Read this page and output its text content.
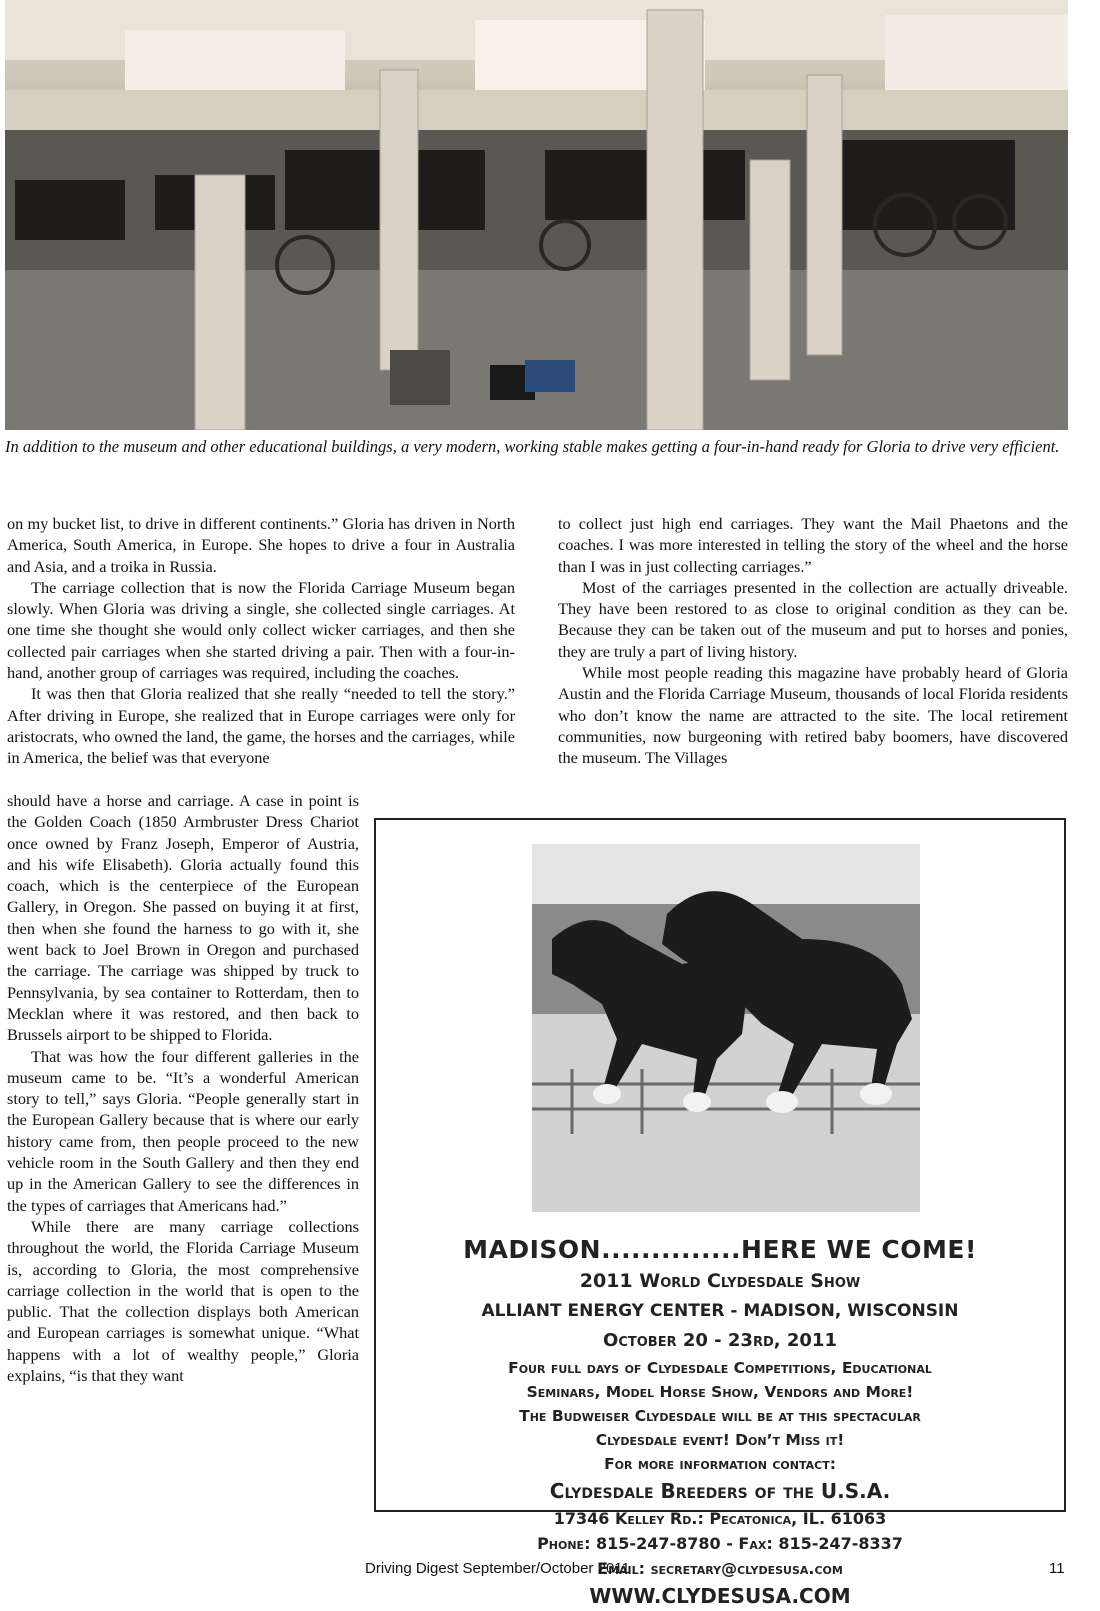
In addition to the museum and other educational buildings, a very modern, working stable makes getting a four-in-hand ready for Gloria to drive very efficient.

on my bucket list, to drive in different continents.” Gloria has driven in North America, South America, in Europe. She hopes to drive a four in Australia and Asia, and a troika in Russia.

The carriage collection that is now the Florida Carriage Museum began slowly. When Gloria was driving a single, she collected single carriages. At one time she thought she would only collect wicker carriages, and then she collected pair carriages when she started driving a pair. Then with a four-in-hand, another group of carriages was required, including the coaches.

It was then that Gloria realized that she really “needed to tell the story.” After driving in Europe, she realized that in Europe carriages were only for aristocrats, who owned the land, the game, the horses and the carriages, while in America, the belief was that everyone

should have a horse and carriage. A case in point is the Golden Coach (1850 Armbruster Dress Chariot once owned by Franz Joseph, Emperor of Austria, and his wife Elisabeth). Gloria actually found this coach, which is the centerpiece of the European Gallery, in Oregon. She passed on buying it at first, then when she found the harness to go with it, she went back to Joel Brown in Oregon and purchased the carriage. The carriage was shipped by truck to Pennsylvania, by sea container to Rotterdam, then to Mecklan where it was restored, and then back to Brussels airport to be shipped to Florida.

That was how the four different galleries in the museum came to be. “It’s a wonderful American story to tell,” says Gloria. “People generally start in the European Gallery because that is where our early history came from, then people proceed to the new vehicle room in the South Gallery and then they end up in the American Gallery to see the differences in the types of carriages that Americans had.”

While there are many carriage collections throughout the world, the Florida Carriage Museum is, according to Gloria, the most comprehensive carriage collection in the world that is open to the public. That the collection displays both American and European carriages is somewhat unique. “What happens with a lot of wealthy people,” Gloria explains, “is that they want

to collect just high end carriages. They want the Mail Phaetons and the coaches. I was more interested in telling the story of the wheel and the horse than I was in just collecting carriages.”

Most of the carriages presented in the collection are actually driveable. They have been restored to as close to original condition as they can be. Because they can be taken out of the museum and put to horses and ponies, they are truly a part of living history.

While most people reading this magazine have probably heard of Gloria Austin and the Florida Carriage Museum, thousands of local Florida residents who don’t know the name are attracted to the site. The local retirement communities, now burgeoning with retired baby boomers, have discovered the museum. The Villages

MADISON..............HERE WE COME!
2011 World Clydesdale Show
ALLIANT ENERGY CENTER - MADISON, WISCONSIN
October 20 - 23rd, 2011
Four full days of Clydesdale Competitions, Educational
Seminars, Model Horse Show, Vendors and More!
The Budweiser Clydesdale will be at this spectacular
Clydesdale event! Don’t Miss it!
For more information contact:
Clydesdale Breeders of the U.S.A.
17346 Kelley Rd.: Pecatonica, IL. 61063
Phone: 815-247-8780 - Fax: 815-247-8337
Email: secretary@clydesusa.com
WWW.CLYDESUSA.COM
Driving Digest September/October 2011	11
